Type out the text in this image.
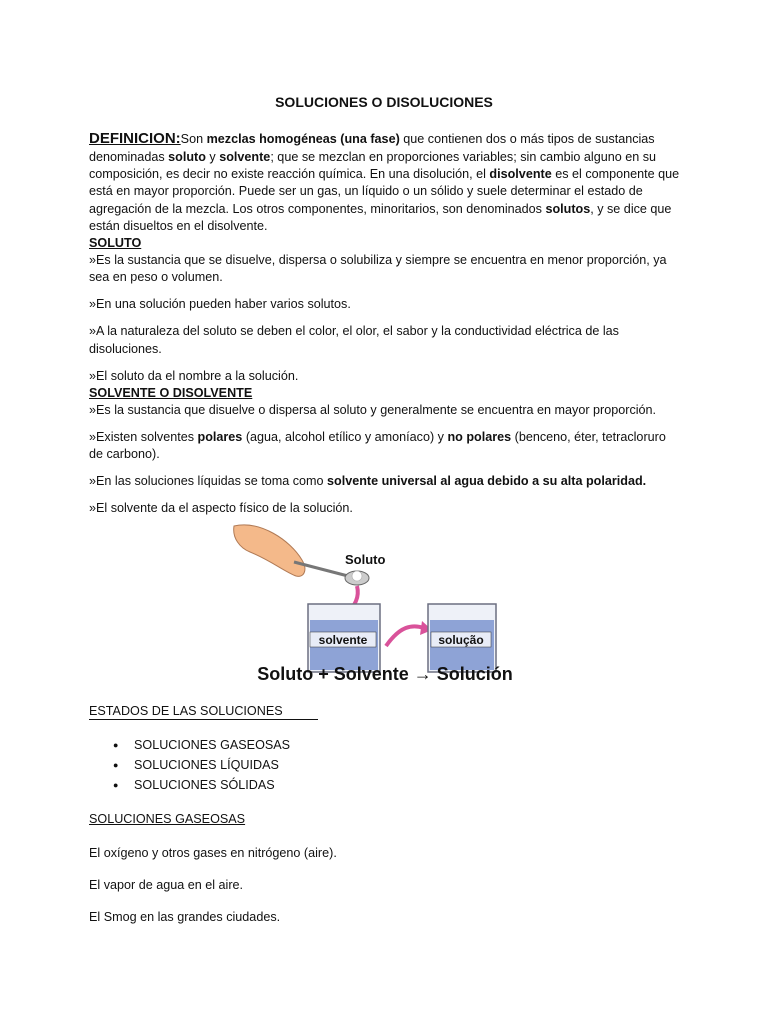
SOLUCIONES O DISOLUCIONES
DEFINICION:Son mezclas homogéneas (una fase) que contienen dos o más tipos de sustancias
denominadas soluto y solvente; que se mezclan en proporciones variables; sin cambio alguno en su
composición, es decir no existe reacción química. En una disolución, el disolvente es el componente que
está en mayor proporción. Puede ser un gas, un líquido o un sólido y suele determinar el estado de
agregación de la mezcla. Los otros componentes, minoritarios, son denominados solutos, y se dice que
están disueltos en el disolvente.
SOLUTO
»Es la sustancia que se disuelve, dispersa o solubiliza y siempre se encuentra en menor proporción, ya
sea en peso o volumen.
»En una solución pueden haber varios solutos.
»A la naturaleza del soluto se deben el color, el olor, el sabor y la conductividad eléctrica de las
disoluciones.
»El soluto da el nombre a la solución.
SOLVENTE O DISOLVENTE
»Es la sustancia que disuelve o dispersa al soluto y generalmente se encuentra en mayor proporción.
»Existen solventes polares (agua, alcohol etílico y amoníaco) y no polares (benceno, éter, tetracloruro
de carbono).
»En las soluciones líquidas se toma como solvente universal al agua debido a su alta polaridad.
»El solvente da el aspecto físico de la solución.
solvente	solução
Soluto
Soluto + Solvente → Solución
ESTADOS DE LAS SOLUCIONES
● SOLUCIONES GASEOSAS
● SOLUCIONES LÍQUIDAS
● SOLUCIONES SÓLIDAS
SOLUCIONES GASEOSAS
El oxígeno y otros gases en nitrógeno (aire).
El vapor de agua en el aire.
El Smog en las grandes ciudades.
